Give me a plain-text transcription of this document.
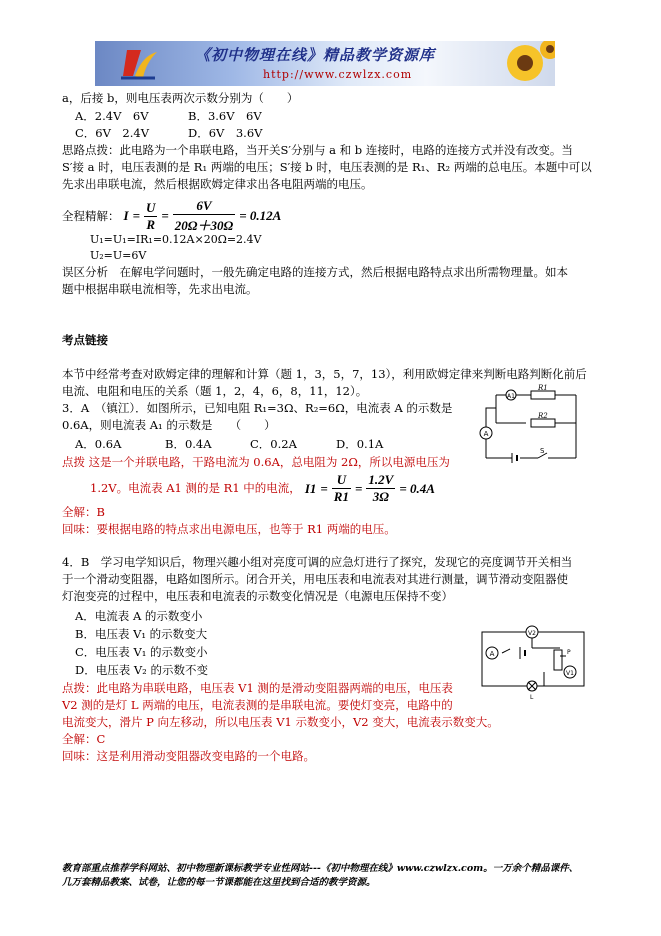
《初中物理在线》精品教学资源库
http://www.czwlzx.com
a，后接 b，则电压表两次示数分别为（　　）
A．2.4V　6V	B．3.6V　6V
C．6V　2.4V	D．6V　3.6V
思路点拨：此电路为一个串联电路，当开关S′分别与 a 和 b 连接时，电路的连接方式并没有改变。当
S′接 a 时，电压表测的是 R₁ 两端的电压；S′接 b 时，电压表测的是 R₁、R₂ 两端的总电压。本题中可以
先求出串联电流，然后根据欧姆定律求出各电阻两端的电压。
全程精解： $I = \frac{U}{R} = \frac{6V}{20\Omega+30\Omega} = 0.12A$
U₁=U₁=IR₁=0.12A×20Ω=2.4V
U₂=U=6V
误区分析　在解电学问题时，一般先确定电路的连接方式，然后根据电路特点求出所需物理量。如本
题中根据串联电流相等，先求出电流。
考点链接
本节中经常考查对欧姆定律的理解和计算（题 1，3，5，7，13），利用欧姆定律来判断电路判断化前后
电流、电阻和电压的关系（题 1，2，4，6，8，11，12）。
3．A　（镇江）．如图所示，已知电阻 R₁=3Ω、R₂=6Ω，电流表 A 的示数是
0.6A，则电流表 A₁ 的示数是　　（　　）
A．0.6A	B．0.4A	C．0.2A	D．0.1A
点拨 这是一个并联电路，干路电流为 0.6A，总电阻为 2Ω，所以电源电压为
1.2V。电流表 A1 测的是 R1 中的电流， $I1 = \frac{U}{R1} = \frac{1.2V}{3\Omega} = 0.4A$
全解：B
回味：要根据电路的特点求出电源电压，也等于 R1 两端的电压。
A1
R1
R2
A
S
4．B　学习电学知识后，物理兴趣小组对亮度可调的应急灯进行了探究，发现它的亮度调节开关相当
于一个滑动变阻器，电路如图所示。闭合开关，用电压表和电流表对其进行测量，调节滑动变阻器使
灯泡变亮的过程中，电压表和电流表的示数变化情况是（电源电压保持不变）
A．电流表 A 的示数变小
B．电压表 V₁ 的示数变大
C．电压表 V₁ 的示数变小
D．电压表 V₂ 的示数不变
点拨：此电路为串联电路，电压表 V1 测的是滑动变阻器两端的电压，电压表
V2 测的是灯 L 两端的电压，电流表测的是串联电流。要使灯变亮，电路中的
电流变大，滑片 P 向左移动，所以电压表 V1 示数变小，V2 变大，电流表示数变大。
全解：C
回味：这是利用滑动变阻器改变电路的一个电路。
V2
A	P
V1
L
教育部重点推荐学科网站、初中物理新课标教学专业性网站---《初中物理在线》www.czwlzx.com。一万余个精品课件、
几万套精品教案、试卷，让您的每一节课都能在这里找到合适的教学资源。
